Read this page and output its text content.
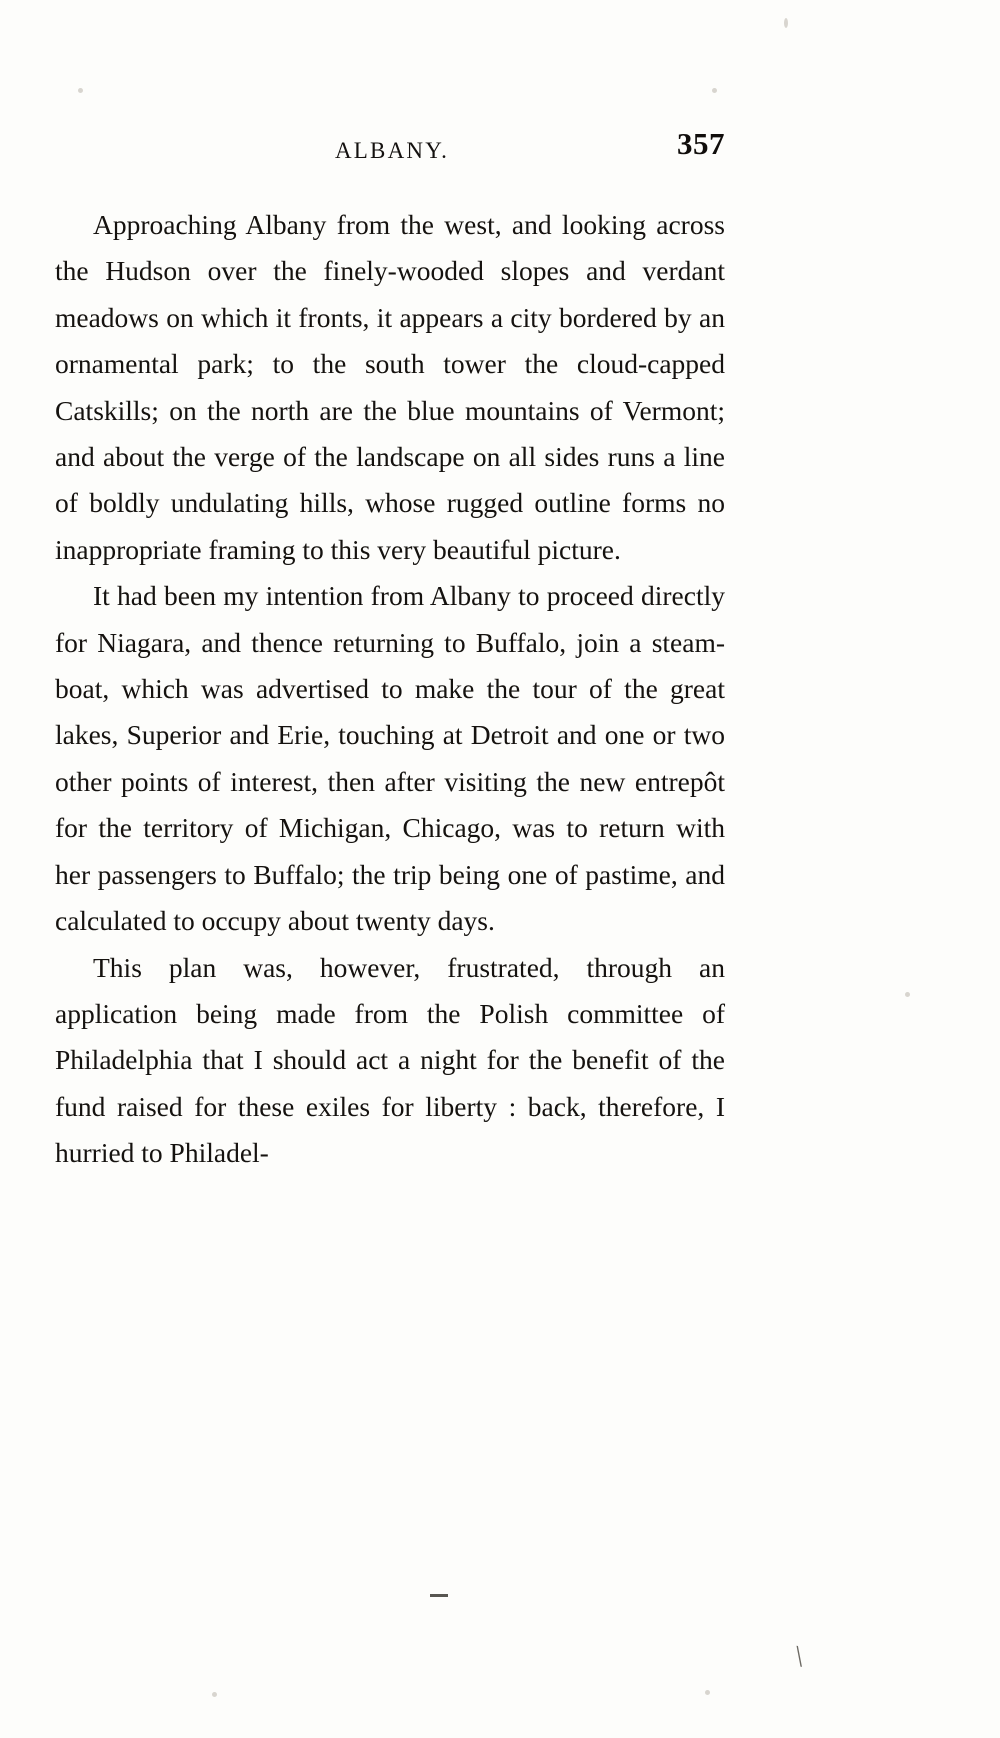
ALBANY.	357

Approaching Albany from the west, and looking across the Hudson over the finely-wooded slopes and verdant meadows on which it fronts, it appears a city bordered by an ornamental park; to the south tower the cloud-capped Catskills; on the north are the blue mountains of Vermont; and about the verge of the landscape on all sides runs a line of boldly undulating hills, whose rugged outline forms no inappropriate framing to this very beautiful picture.

It had been my intention from Albany to proceed directly for Niagara, and thence returning to Buffalo, join a steam-boat, which was advertised to make the tour of the great lakes, Superior and Erie, touching at Detroit and one or two other points of interest, then after visiting the new entrepôt for the territory of Michigan, Chicago, was to return with her passengers to Buffalo; the trip being one of pastime, and calculated to occupy about twenty days.

This plan was, however, frustrated, through an application being made from the Polish committee of Philadelphia that I should act a night for the benefit of the fund raised for these exiles for liberty : back, therefore, I hurried to Philadel-

\
